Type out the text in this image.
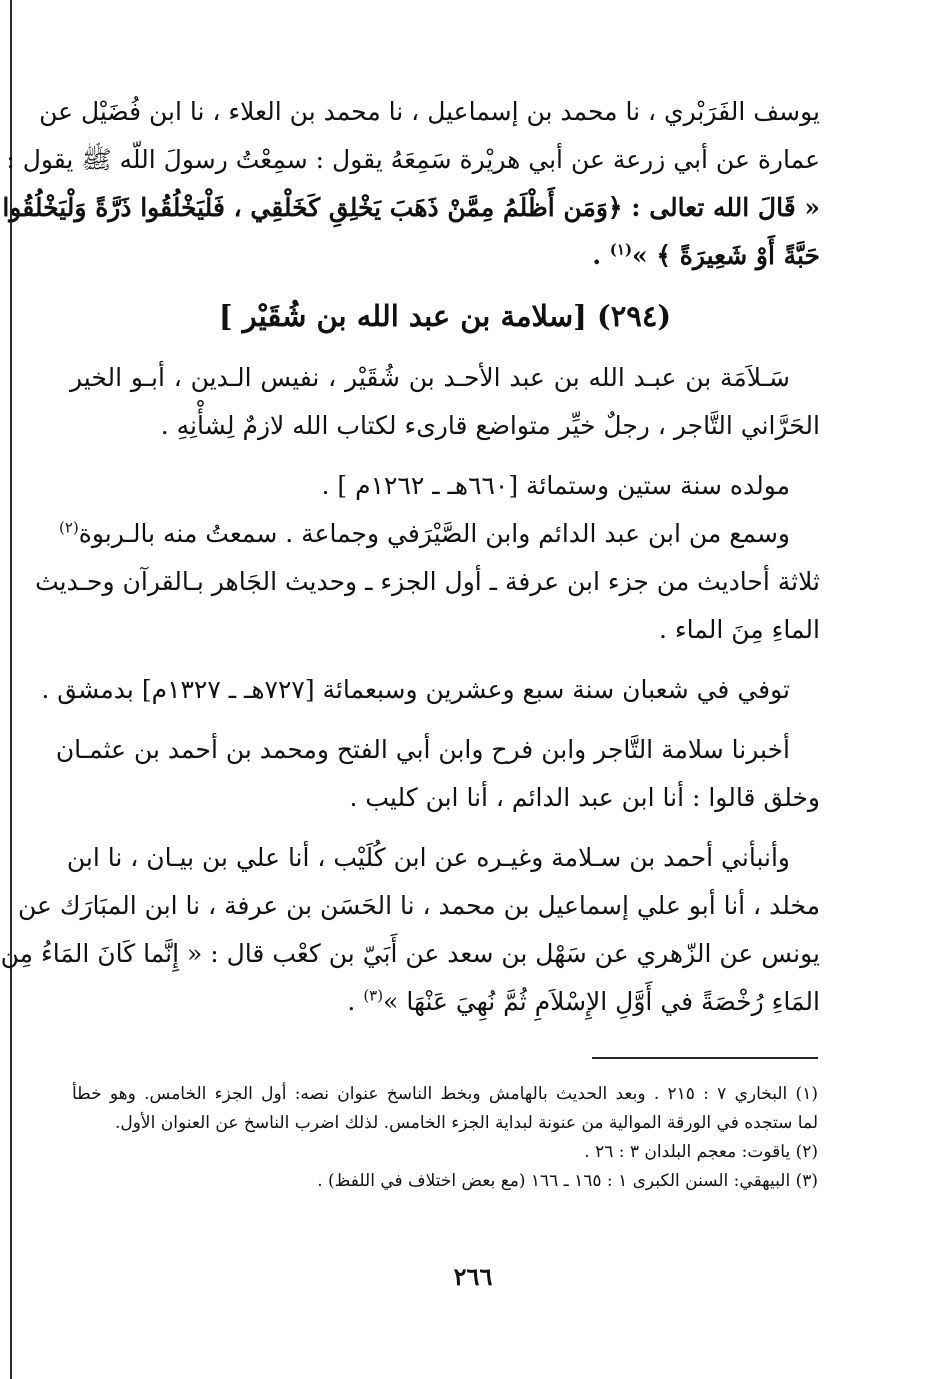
يوسف الفَرَبْري ، نا محمد بن إسماعيل ، نا محمد بن العلاء ، نا ابن فُضَيْل عن
عمارة عن أبي زرعة عن أبي هريْرة سَمِعَهُ يقول : سمِعْتُ رسولَ اللّه ﷺ يقول :
« قَالَ الله تعالى : ﴿وَمَن أَظْلَمُ مِمَّنْ ذَهَبَ يَخْلِقِ كَخَلْقِي ، فَلْيَخْلُقُوا ذَرَّةً وَلْيَخْلُقُوا
حَبَّةً أَوْ شَعِيرَةً ﴾ »$^{(١)}$ .
(٢٩٤) [سلامة بن عبد الله بن شُقَيْر ]
سَـلاَمَة بن عبـد الله بن عبد الأحـد بن شُقَيْر ، نفيس الـدين ، أبـو الخير
الحَرَّاني التَّاجر ، رجلٌ خيِّر متواضع قارىء لكتاب الله لازمٌ لِشأْنِهِ .
مولده سنة ستين وستمائة [٦٦٠هـ ـ ١٢٦٢م ] .
وسمع من ابن عبد الدائم وابن الصَّيْرَفي وجماعة . سمعتُ منه بالـربوة$^{(٢)}$
ثلاثة أحاديث من جزء ابن عرفة ـ أول الجزء ـ وحديث الجَاهر بـالقرآن وحـديث
الماءِ مِنَ الماء .
توفي في شعبان سنة سبع وعشرين وسبعمائة [٧٢٧هـ ـ ١٣٢٧م] بدمشق .
أخبرنا سلامة التَّاجر وابن فرح وابن أبي الفتح ومحمد بن أحمد بن عثمـان
وخلق قالوا : أنا ابن عبد الدائم ، أنا ابن كليب .
وأنبأني أحمد بن سـلامة وغيـره عن ابن كُلَيْب ، أنا علي بن بيـان ، نا ابن
مخلد ، أنا أبو علي إسماعيل بن محمد ، نا الحَسَن بن عرفة ، نا ابن المبَارَك عن
يونس عن الزّهري عن سَهْل بن سعد عن أَبَيّ بن كعْب قال : « إِنَّما كَانَ المَاءُ مِن
المَاءِ رُخْصَةً في أَوَّلِ الإِسْلاَمِ ثُمَّ نُهِيَ عَنْهَا »$^{(٣)}$ .
(١) البخاري ٧ : ٢١٥ . وبعد الحديث بالهامش وبخط الناسخ عنوان نصه: أول الجزء الخامس. وهو خطأ
لما ستجده في الورقة الموالية من عنونة لبداية الجزء الخامس. لذلك اضرب الناسخ عن العنوان الأول.
(٢) ياقوت: معجم البلدان ٣ : ٢٦ .
(٣) البيهقي: السنن الكبرى ١ : ١٦٥ ـ ١٦٦ (مع بعض اختلاف في اللفظ) .
٢٦٦
